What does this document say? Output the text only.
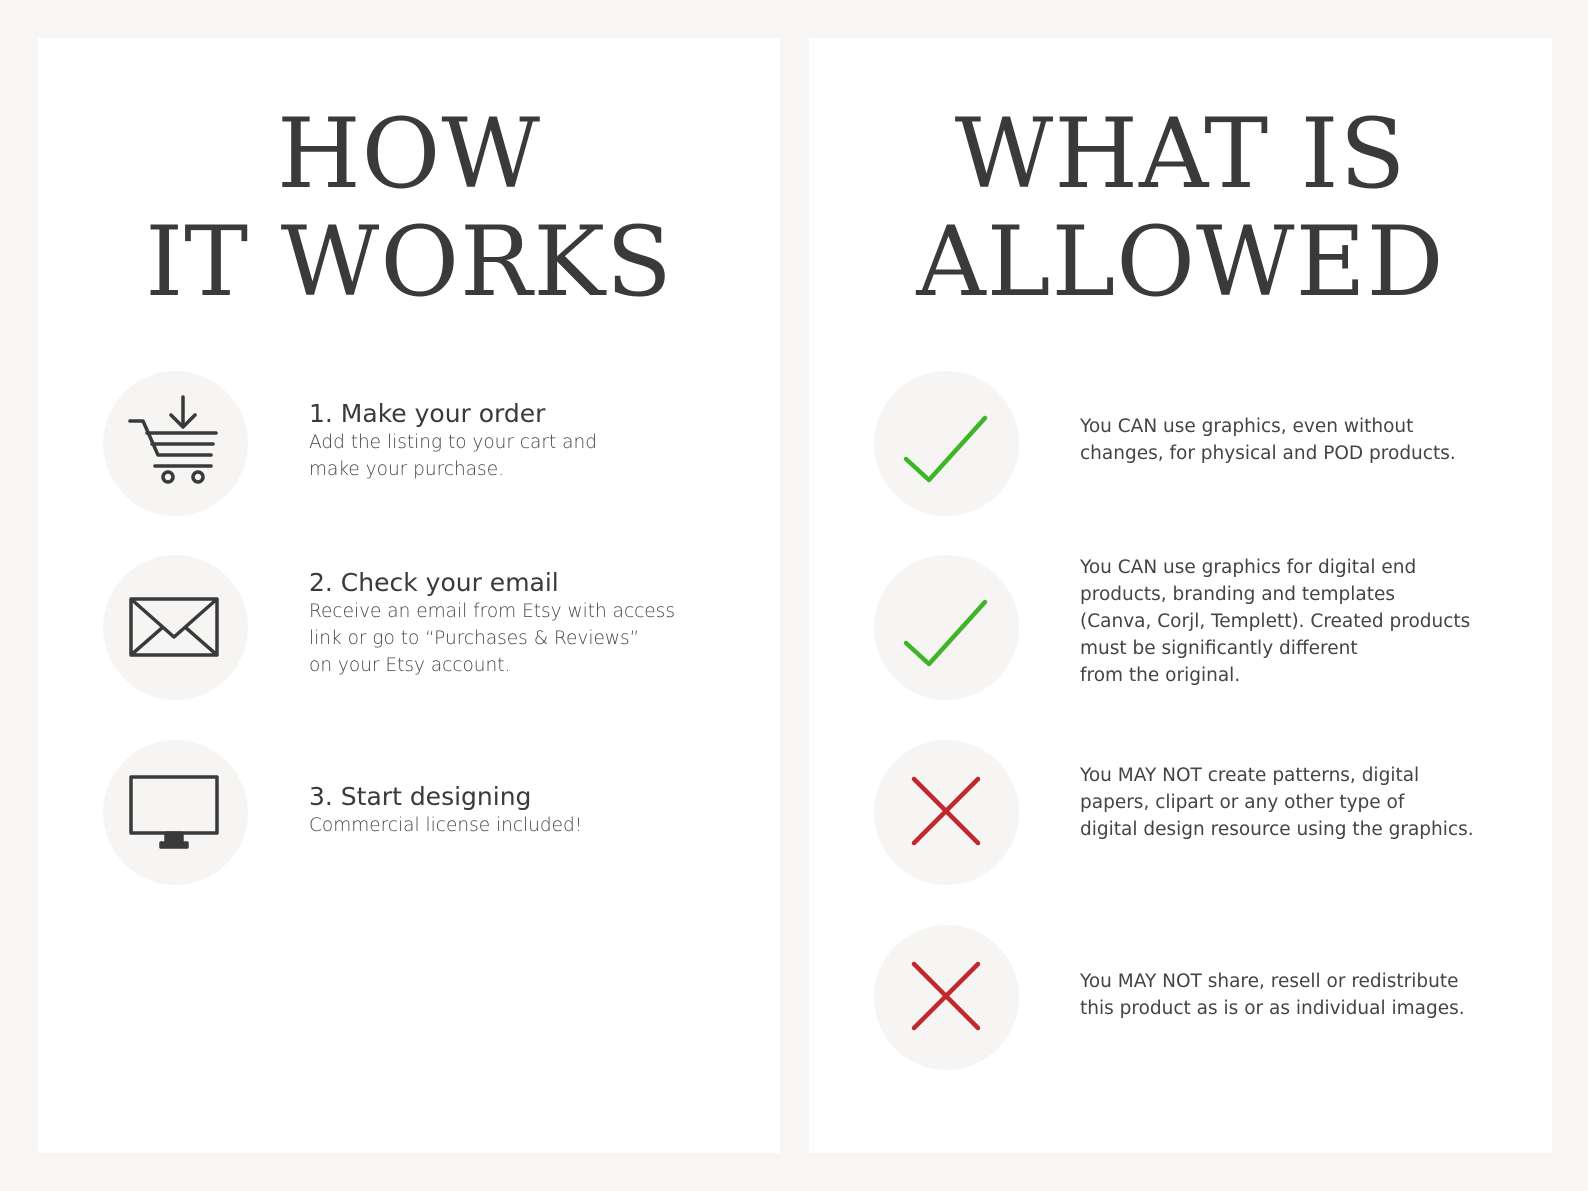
HOW
IT WORKS

1. Make your order

Add the listing to your cart and
make your purchase.

2. Check your email

Receive an email from Etsy with access
link or go to “Purchases & Reviews”
on your Etsy account.

3. Start designing

Commercial license included!

WHAT IS
ALLOWED

You CAN use graphics, even without
changes, for physical and POD products.

You CAN use graphics for digital end
products, branding and templates
(Canva, Corjl, Templett). Created products
must be significantly different
from the original.

You MAY NOT create patterns, digital
papers, clipart or any other type of
digital design resource using the graphics.

You MAY NOT share, resell or redistribute
this product as is or as individual images.
